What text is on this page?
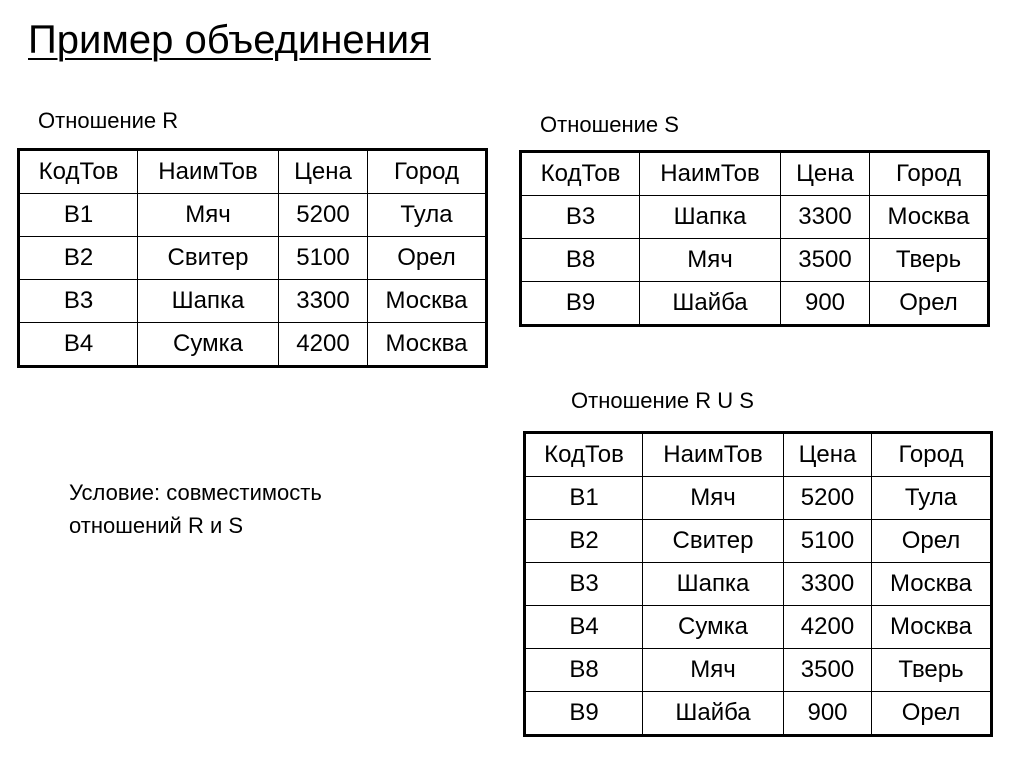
Пример объединения
Отношение R
КодТов	НаимТов	Цена	Город
B1	Мяч	5200	Тула
B2	Свитер	5100	Орел
B3	Шапка	3300	Москва
B4	Сумка	4200	Москва
Отношение S
КодТов	НаимТов	Цена	Город
B3	Шапка	3300	Москва
B8	Мяч	3500	Тверь
B9	Шайба	900	Орел
Отношение R U S
КодТов	НаимТов	Цена	Город
B1	Мяч	5200	Тула
B2	Свитер	5100	Орел
B3	Шапка	3300	Москва
B4	Сумка	4200	Москва
B8	Мяч	3500	Тверь
B9	Шайба	900	Орел
Условие: совместимость
отношений R и S
